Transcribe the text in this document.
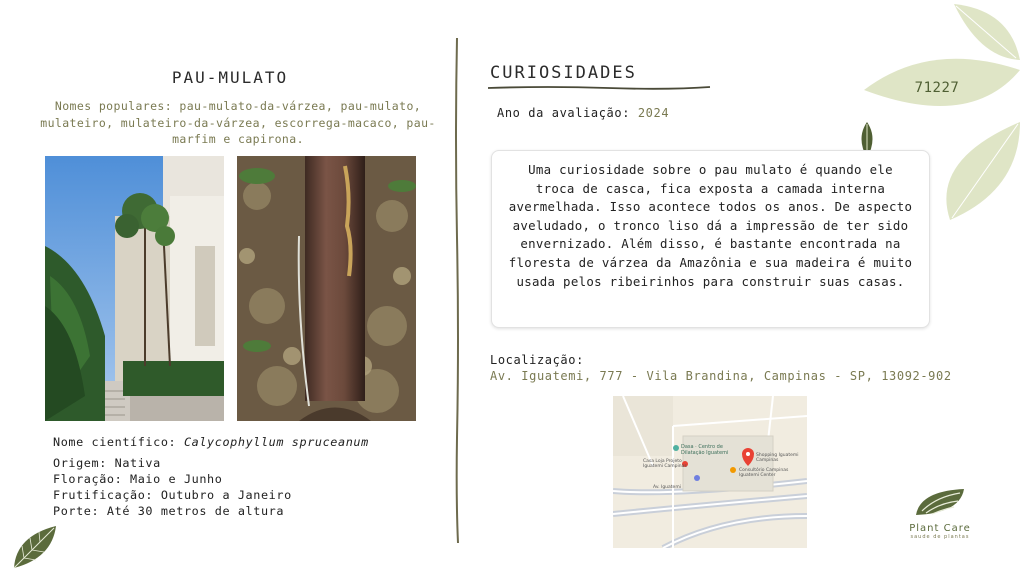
PAU-MULATO
Nomes populares: pau-mulato-da-várzea, pau-mulato, mulateiro, mulateiro-da-várzea, escorrega-macaco, pau-marfim e capirona.
Nome científico: Calycophyllum spruceanum
Origem: Nativa
Floração: Maio e Junho
Frutificação: Outubro a Janeiro
Porte: Até 30 metros de altura
CURIOSIDADES
Ano da avaliação: 2024

Uma curiosidade sobre o pau mulato é quando ele troca de casca, fica exposta a camada interna avermelhada. Isso acontece todos os anos. De aspecto aveludado, o tronco liso dá a impressão de ter sido envernizado. Além disso, é bastante encontrada na floresta de várzea da Amazônia e sua madeira é muito usada pelos ribeirinhos para construir suas casas.

71227
Localização:
Av. Iguatemi, 777 - Vila Brandina, Campinas - SP, 13092-902
Dasa · Centro de
Dilatação Iguatemi
Casa Loja Projeto
Iguatemi Campinas
Shopping Iguatemi
Campinas
Consultório Campinas
Iguatemi Center
Av. Iguatemi
Plant Care
saude de plantas
